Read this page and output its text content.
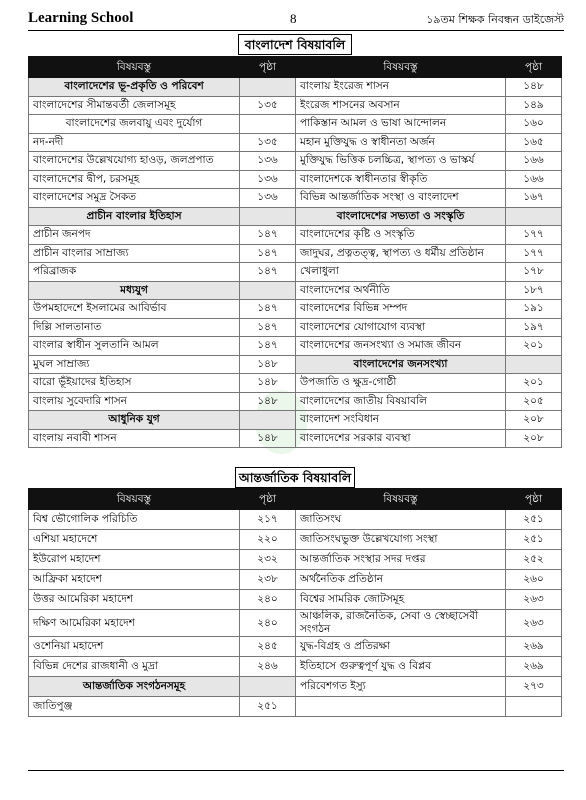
Learning School	8	১৯তম শিক্ষক নিবন্ধন ডাইজেস্ট
বাংলাদেশ বিষয়াবলি
বিষয়বস্তু	পৃষ্ঠা	বিষয়বস্তু	পৃষ্ঠা
বাংলাদেশের ভূ-প্রকৃতি ও পরিবেশ		বাংলায় ইংরেজ শাসন	১৪৮
বাংলাদেশের সীমান্তবর্তী জেলাসমূহ	১৩৫	ইংরেজ শাসনের অবসান	১৪৯
বাংলাদেশের জলবায়ু এবং দুর্যোগ		পাকিস্তান আমল ও ভাষা আন্দোলন	১৬০
নদ-নদী	১৩৫	মহান মুক্তিযুদ্ধ ও স্বাধীনতা অর্জন	১৬৫
বাংলাদেশের উল্লেখযোগ্য হাওড়, জলপ্রপাত	১৩৬	মুক্তিযুদ্ধ ভিত্তিক চলচ্চিত্র, স্থাপত্য ও ভাস্কর্য	১৬৬
বাংলাদেশের দ্বীপ, চরসমূহ	১৩৬	বাংলাদেশকে স্বাধীনতার স্বীকৃতি	১৬৬
বাংলাদেশের সমুদ্র সৈকত	১৩৬	বিভিন্ন আন্তর্জাতিক সংস্থা ও বাংলাদেশ	১৬৭
প্রাচীন বাংলার ইতিহাস		বাংলাদেশের সভ্যতা ও সংস্কৃতি	
প্রাচীন জনপদ	১৪৭	বাংলাদেশের কৃষ্টি ও সংস্কৃতি	১৭৭
প্রাচীন বাংলার সাম্রাজ্য	১৪৭	জাদুঘর, প্রত্নতত্ত্ব, স্থাপত্য ও ধর্মীয় প্রতিষ্ঠান	১৭৭
পরিব্রাজক	১৪৭	খেলাধুলা	১৭৮
মধ্যযুগ		বাংলাদেশের অর্থনীতি	১৮৭
উপমহাদেশে ইসলামের আবির্ভাব	১৪৭	বাংলাদেশের বিভিন্ন সম্পদ	১৯১
দিল্লি সালতানাত	১৪৭	বাংলাদেশের যোগাযোগ ব্যবস্থা	১৯৭
বাংলার স্বাধীন সুলতানি আমল	১৪৭	বাংলাদেশের জনসংখ্যা ও সমাজ জীবন	২০১
মুঘল সাম্রাজ্য	১৪৮	বাংলাদেশের জনসংখ্যা	
বারো ভূঁইয়াদের ইতিহাস	১৪৮	উপজাতি ও ক্ষুদ্র-গোষ্ঠী	২০১
বাংলায় সুবেদারি শাসন	১৪৮	বাংলাদেশের জাতীয় বিষয়াবলি	২০৫
আধুনিক যুগ		বাংলাদেশ সংবিধান	২০৮
বাংলায় নবাবী শাসন	১৪৮	বাংলাদেশের সরকার ব্যবস্থা	২০৮
আন্তর্জাতিক বিষয়াবলি
বিষয়বস্তু	পৃষ্ঠা	বিষয়বস্তু	পৃষ্ঠা
বিশ্ব ভৌগোলিক পরিচিতি	২১৭	জাতিসংঘ	২৫১
এশিয়া মহাদেশে	২২০	জাতিসংঘভুক্ত উল্লেখযোগ্য সংস্থা	২৫১
ইউরোপ মহাদেশ	২৩২	আন্তর্জাতিক সংস্থার সদর দপ্তর	২৫২
আফ্রিকা মহাদেশ	২৩৮	অর্থনৈতিক প্রতিষ্ঠান	২৬০
উত্তর আমেরিকা মহাদেশ	২৪০	বিশ্বের সামরিক জোটসমূহ	২৬৩
দক্ষিণ আমেরিকা মহাদেশ	২৪০	আঞ্চলিক, রাজনৈতিক, সেবা ও স্বেচ্ছাসেবী সংগঠন	২৬৩
ওশেনিয়া মহাদেশ	২৪৫	যুদ্ধ-বিগ্রহ ও প্রতিরক্ষা	২৬৯
বিভিন্ন দেশের রাজধানী ও মুদ্রা	২৪৬	ইতিহাসে গুরুত্বপূর্ণ যুদ্ধ ও বিপ্লব	২৬৯
আন্তর্জাতিক সংগঠনসমূহ		পরিবেশগত ইস্যু	২৭৩
জাতিপুঞ্জ	২৫১		
